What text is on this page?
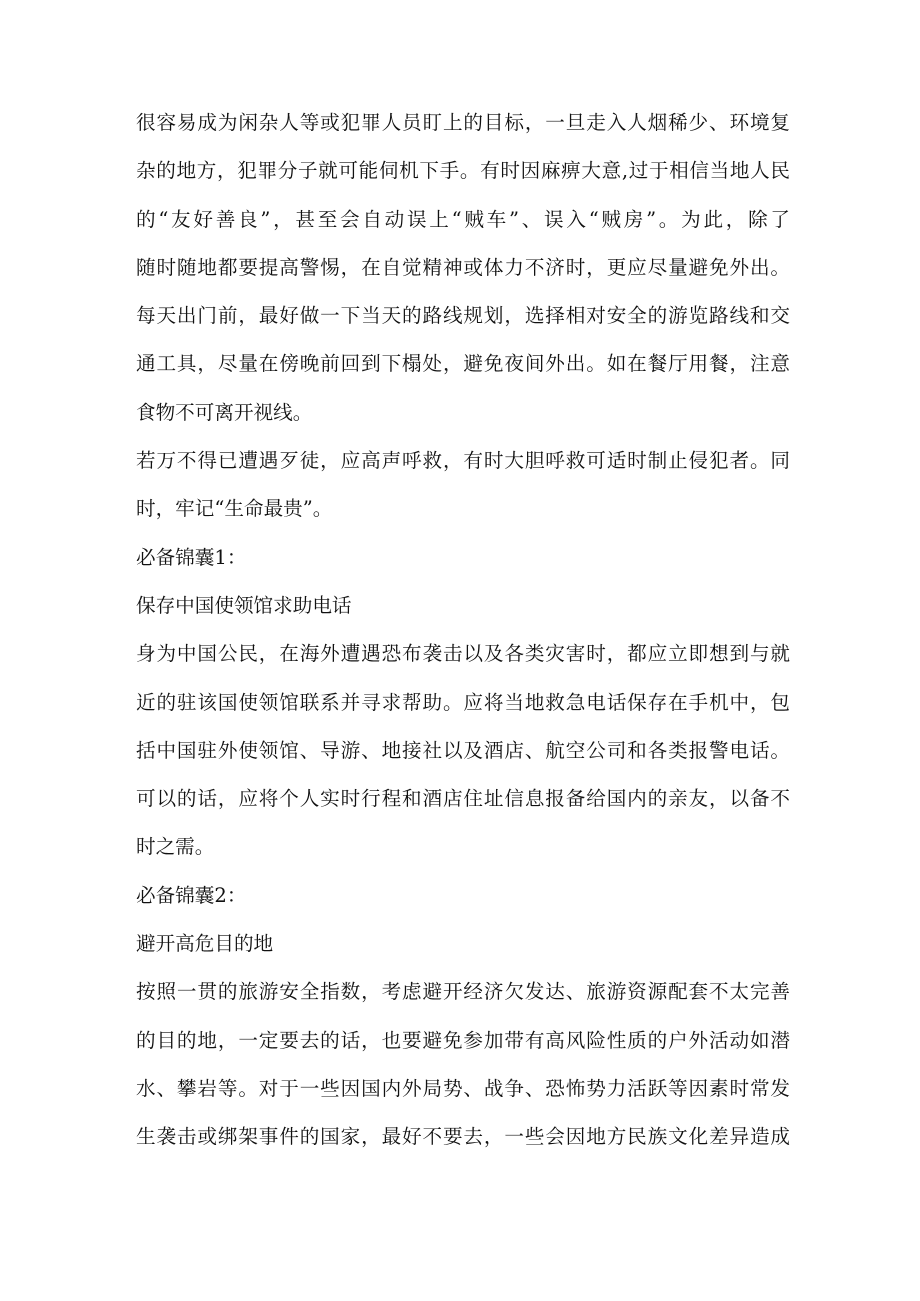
很容易成为闲杂人等或犯罪人员盯上的目标，一旦走入人烟稀少、环境复
杂的地方，犯罪分子就可能伺机下手。有时因麻痹大意,过于相信当地人民
的“友好善良”，甚至会自动误上“贼车”、误入“贼房”。为此，除了
随时随地都要提高警惕，在自觉精神或体力不济时，更应尽量避免外出。
每天出门前，最好做一下当天的路线规划，选择相对安全的游览路线和交
通工具，尽量在傍晚前回到下榻处，避免夜间外出。如在餐厅用餐，注意
食物不可离开视线。
若万不得已遭遇歹徒，应高声呼救，有时大胆呼救可适时制止侵犯者。同
时，牢记“生命最贵”。
必备锦囊1：
保存中国使领馆求助电话
身为中国公民，在海外遭遇恐布袭击以及各类灾害时，都应立即想到与就
近的驻该国使领馆联系并寻求帮助。应将当地救急电话保存在手机中，包
括中国驻外使领馆、导游、地接社以及酒店、航空公司和各类报警电话。
可以的话，应将个人实时行程和酒店住址信息报备给国内的亲友，以备不
时之需。
必备锦囊2：
避开高危目的地
按照一贯的旅游安全指数，考虑避开经济欠发达、旅游资源配套不太完善
的目的地，一定要去的话，也要避免参加带有高风险性质的户外活动如潜
水、攀岩等。对于一些因国内外局势、战争、恐怖势力活跃等因素时常发
生袭击或绑架事件的国家，最好不要去，一些会因地方民族文化差异造成
